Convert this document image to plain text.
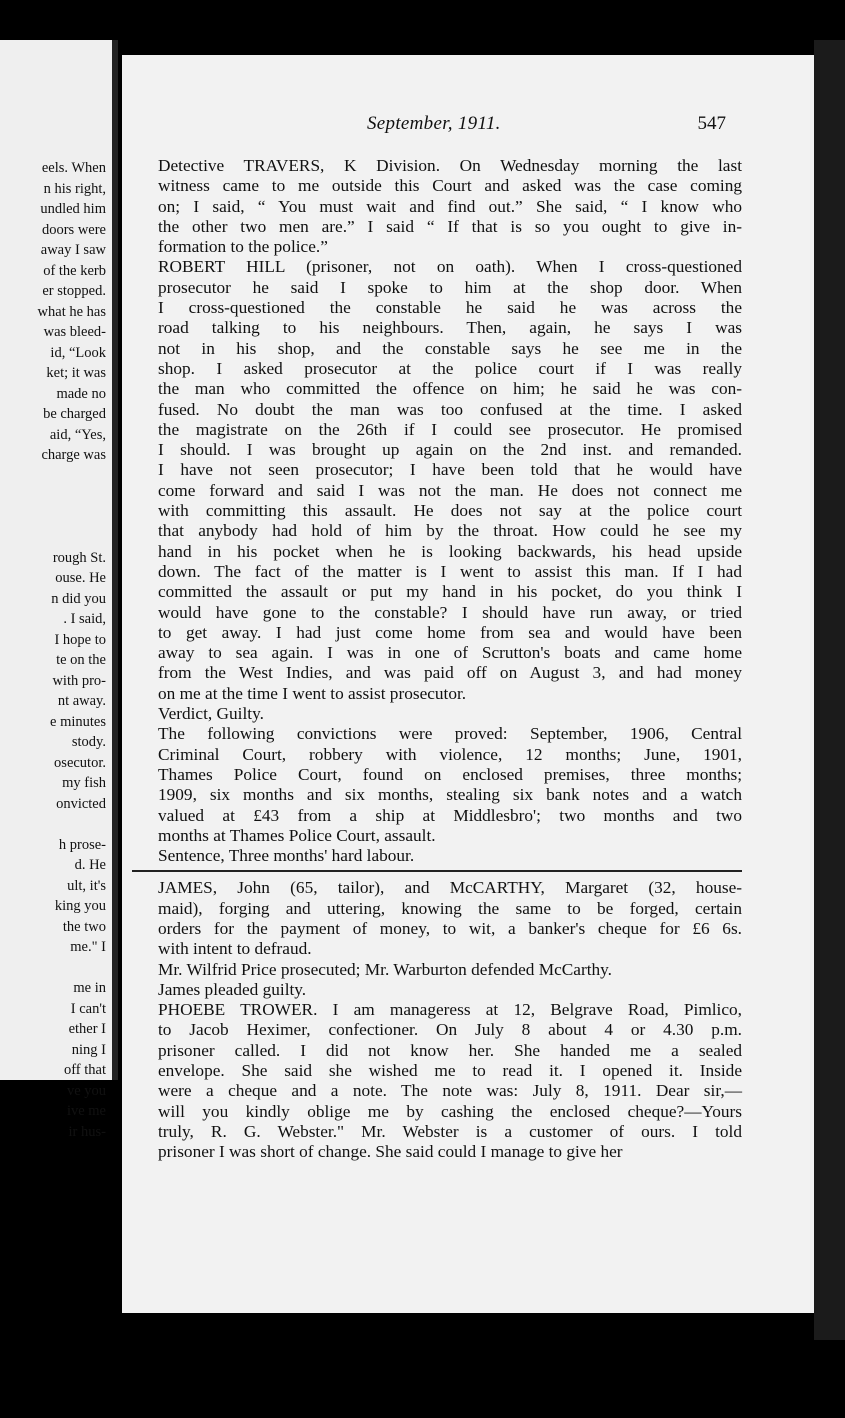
eels. When
n his right,
undled him
doors were
away I saw
of the kerb
er stopped.
what he has
was bleed-
id, “Look
ket; it was
made no
be charged
aid, “Yes,
charge was
rough St.
ouse. He
n did you
. I said,
I hope to
te on the
with pro-
nt away.
e minutes
stody.
osecutor.
my fish
onvicted
h prose-
d. He
ult, it's
king you
the two
me." I
me in
I can't
ether I
ning I
off that
ve you
ive me
ir hus-
September, 1911.	547
Detective TRAVERS, K Division. On Wednesday morning the last
witness came to me outside this Court and asked was the case coming
on; I said, “ You must wait and find out.” She said, “ I know who
the other two men are.” I said “ If that is so you ought to give in-
formation to the police.”
ROBERT HILL (prisoner, not on oath). When I cross-questioned
prosecutor he said I spoke to him at the shop door. When
I cross-questioned the constable he said he was across the
road talking to his neighbours. Then, again, he says I was
not in his shop, and the constable says he see me in the
shop. I asked prosecutor at the police court if I was really
the man who committed the offence on him; he said he was con-
fused. No doubt the man was too confused at the time. I asked
the magistrate on the 26th if I could see prosecutor. He promised
I should. I was brought up again on the 2nd inst. and remanded.
I have not seen prosecutor; I have been told that he would have
come forward and said I was not the man. He does not connect me
with committing this assault. He does not say at the police court
that anybody had hold of him by the throat. How could he see my
hand in his pocket when he is looking backwards, his head upside
down. The fact of the matter is I went to assist this man. If I had
committed the assault or put my hand in his pocket, do you think I
would have gone to the constable? I should have run away, or tried
to get away. I had just come home from sea and would have been
away to sea again. I was in one of Scrutton's boats and came home
from the West Indies, and was paid off on August 3, and had money
on me at the time I went to assist prosecutor.
Verdict, Guilty.
The following convictions were proved: September, 1906, Central
Criminal Court, robbery with violence, 12 months; June, 1901,
Thames Police Court, found on enclosed premises, three months;
1909, six months and six months, stealing six bank notes and a watch
valued at £43 from a ship at Middlesbro'; two months and two
months at Thames Police Court, assault.
Sentence, Three months' hard labour.
JAMES, John (65, tailor), and McCARTHY, Margaret (32, house-
maid), forging and uttering, knowing the same to be forged, certain
orders for the payment of money, to wit, a banker's cheque for £6 6s.
with intent to defraud.
Mr. Wilfrid Price prosecuted; Mr. Warburton defended McCarthy.
James pleaded guilty.
PHOEBE TROWER. I am manageress at 12, Belgrave Road, Pimlico,
to Jacob Heximer, confectioner. On July 8 about 4 or 4.30 p.m.
prisoner called. I did not know her. She handed me a sealed
envelope. She said she wished me to read it. I opened it. Inside
were a cheque and a note. The note was: July 8, 1911. Dear sir,—
will you kindly oblige me by cashing the enclosed cheque?—Yours
truly, R. G. Webster." Mr. Webster is a customer of ours. I told
prisoner I was short of change. She said could I manage to give her
